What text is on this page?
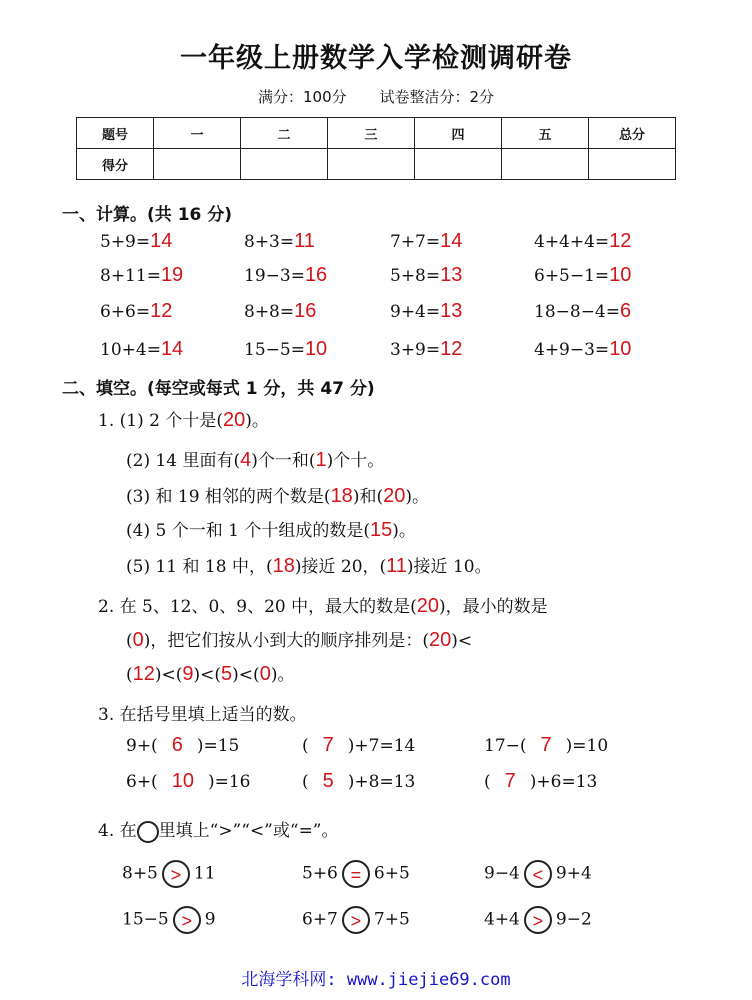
一年级上册数学入学检测调研卷
满分：100分 试卷整洁分：2分
题号	一	二	三	四	五	总分
得分						
一、计算。(共 16 分)
5+9=14	8+3=11	7+7=14	4+4+4=12
8+11=19	19−3=16	5+8=13	6+5−1=10
6+6=12	8+8=16	9+4=13	18−8−4=6
10+4=14	15−5=10	3+9=12	4+9−3=10
二、填空。(每空或每式 1 分，共 47 分)
1. (1) 2 个十是(20)。
(2) 14 里面有(4)个一和(1)个十。
(3) 和 19 相邻的两个数是(18)和(20)。
(4) 5 个一和 1 个十组成的数是(15)。
(5) 11 和 18 中，(18)接近 20，(11)接近 10。
2. 在 5、12、0、9、20 中，最大的数是(20)，最小的数是
(0)，把它们按从小到大的顺序排列是：(20)<
(12)<(9)<(5)<(0)。
3. 在括号里填上适当的数。
9+( 6 )=15	( 7 )+7=14	17−( 7 )=10
6+( 10 )=16	( 5 )+8=13	( 7 )+6=13
4. 在 里填上“>”“<”或“=”。
8+5 > 11	5+6 = 6+5	9−4 < 9+4
15−5 > 9	6+7 > 7+5	4+4 > 9−2
北海学科网: www.jiejie69.com
